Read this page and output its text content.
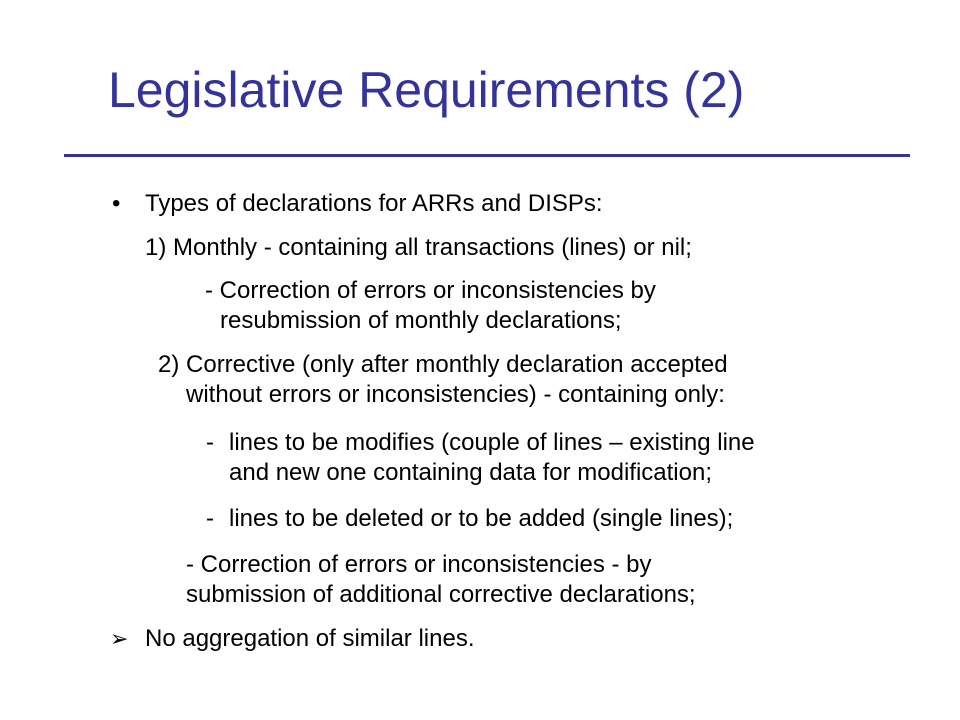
Legislative Requirements (2)
• Types of declarations for ARRs and DISPs:
1) Monthly - containing all transactions (lines) or nil;
- Correction of errors or inconsistencies by
resubmission of monthly declarations;
2) Corrective (only after monthly declaration accepted
without errors or inconsistencies) - containing only:
- lines to be modifies (couple of lines – existing line
and new one containing data for modification;
- lines to be deleted or to be added (single lines);
- Correction of errors or inconsistencies - by
submission of additional corrective declarations;
➢ No aggregation of similar lines.
